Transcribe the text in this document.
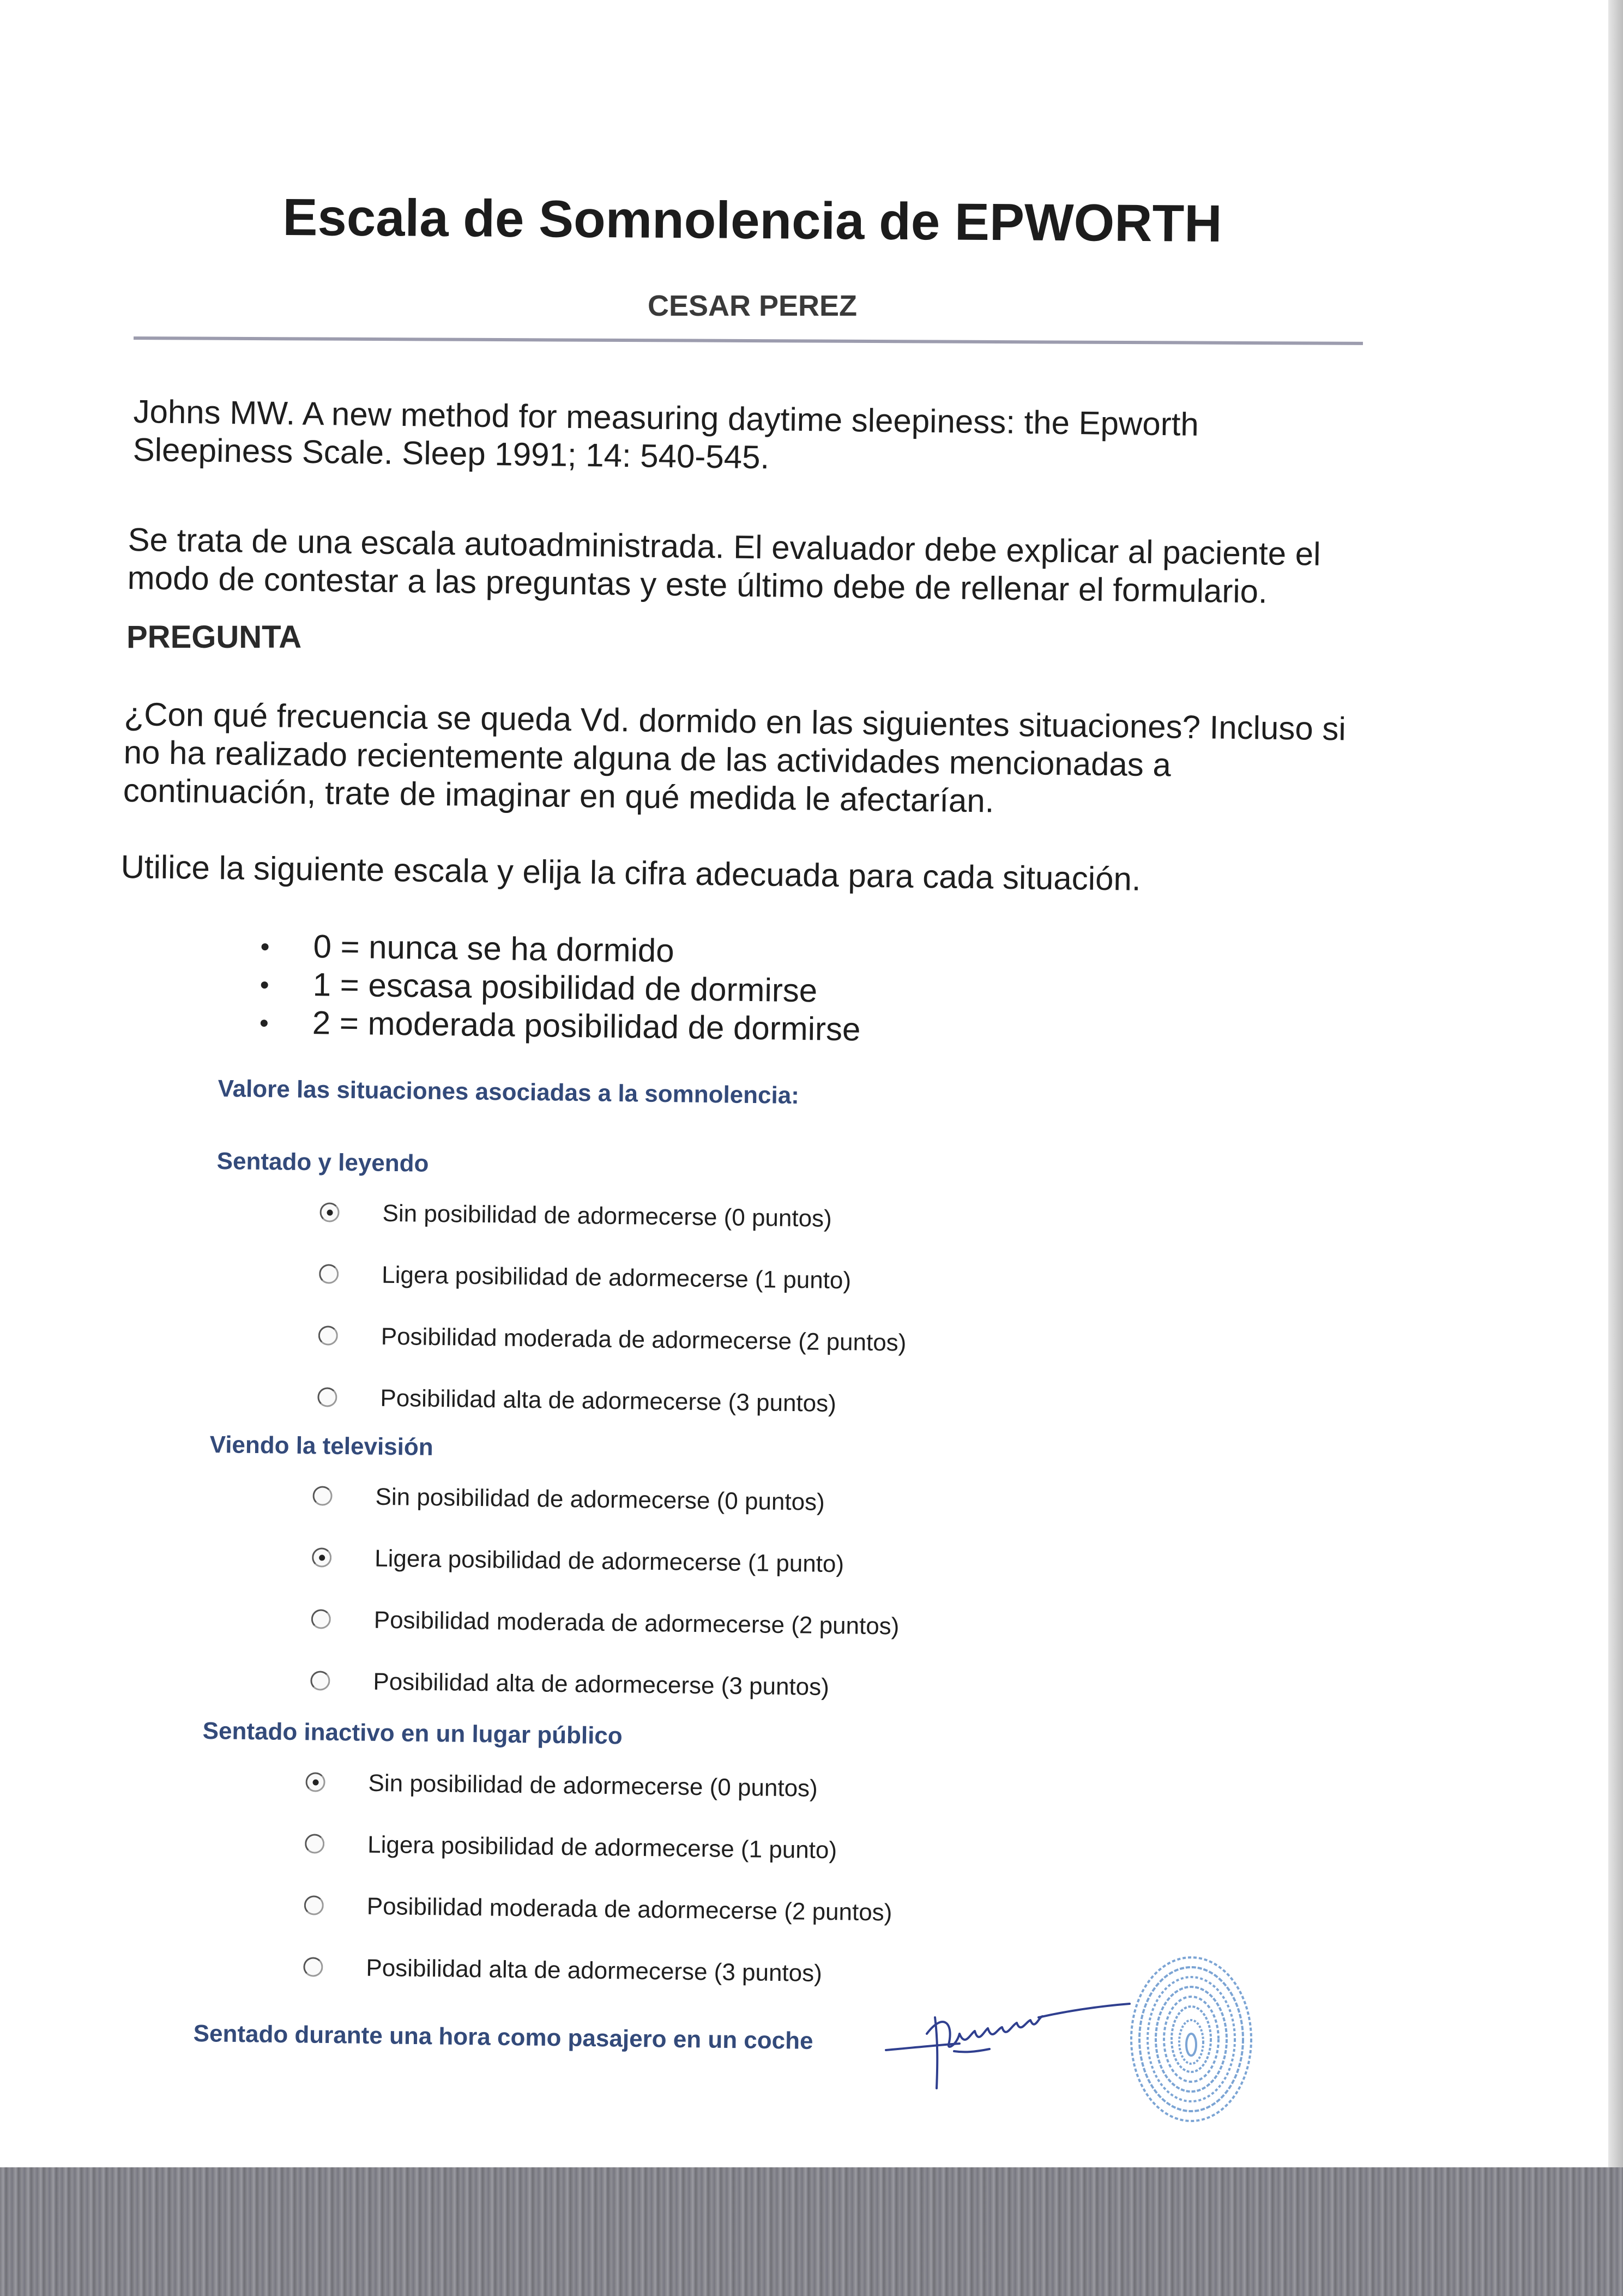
Escala de Somnolencia de EPWORTH
CESAR PEREZ
Johns MW. A new method for measuring daytime sleepiness: the Epworth Sleepiness Scale. Sleep 1991; 14: 540-545.
Se trata de una escala autoadministrada. El evaluador debe explicar al paciente el modo de contestar a las preguntas y este último debe de rellenar el formulario.
PREGUNTA
¿Con qué frecuencia se queda Vd. dormido en las siguientes situaciones? Incluso si no ha realizado recientemente alguna de las actividades mencionadas a continuación, trate de imaginar en qué medida le afectarían.
Utilice la siguiente escala y elija la cifra adecuada para cada situación.
0 = nunca se ha dormido
1 = escasa posibilidad de dormirse
2 = moderada posibilidad de dormirse
Valore las situaciones asociadas a la somnolencia:
Sentado y leyendo
Sin posibilidad de adormecerse (0 puntos)
Ligera posibilidad de adormecerse (1 punto)
Posibilidad moderada de adormecerse (2 puntos)
Posibilidad alta de adormecerse (3 puntos)
Viendo la televisión
Sin posibilidad de adormecerse (0 puntos)
Ligera posibilidad de adormecerse (1 punto)
Posibilidad moderada de adormecerse (2 puntos)
Posibilidad alta de adormecerse (3 puntos)
Sentado inactivo en un lugar público
Sin posibilidad de adormecerse (0 puntos)
Ligera posibilidad de adormecerse (1 punto)
Posibilidad moderada de adormecerse (2 puntos)
Posibilidad alta de adormecerse (3 puntos)
Sentado durante una hora como pasajero en un coche
